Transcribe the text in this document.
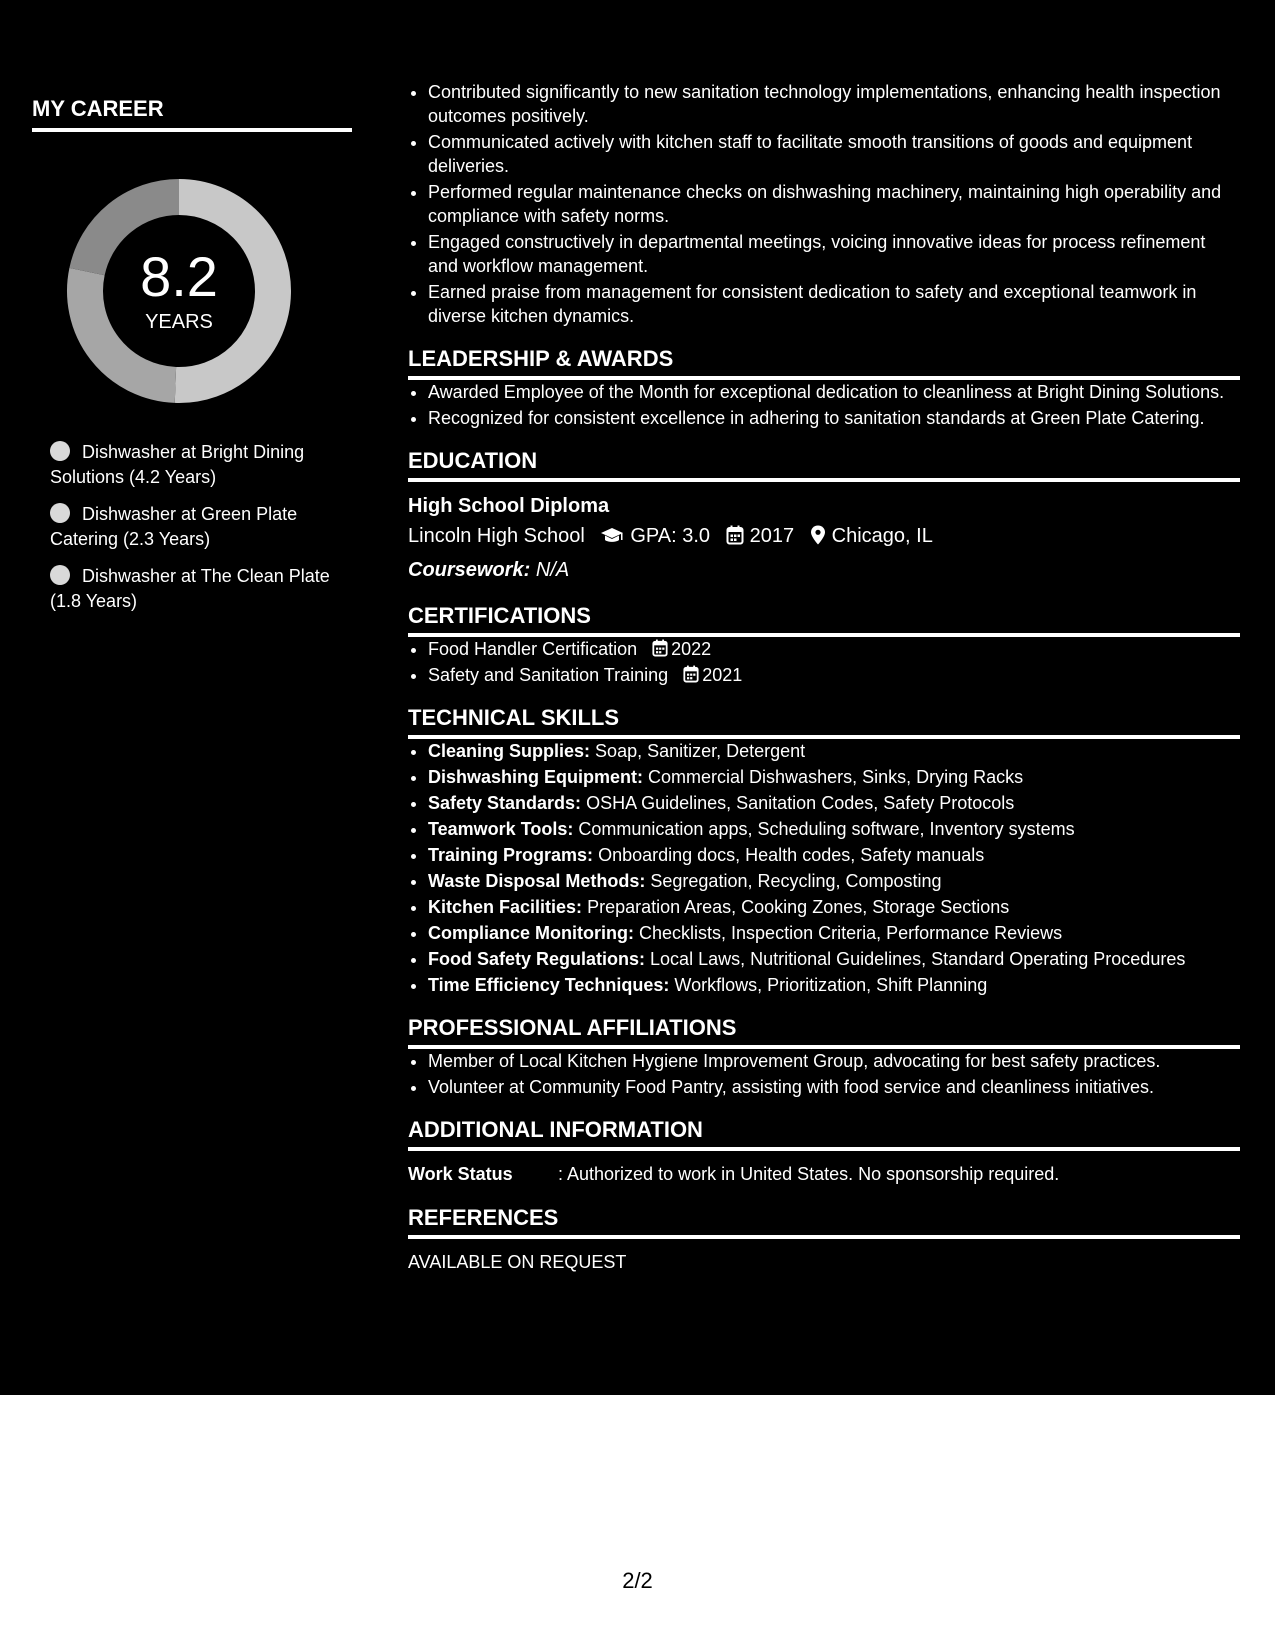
MY CAREER
8.2
YEARS
Dishwasher at Bright Dining Solutions (4.2 Years)
Dishwasher at Green Plate Catering (2.3 Years)
Dishwasher at The Clean Plate (1.8 Years)
• Contributed significantly to new sanitation technology implementations, enhancing health inspection outcomes positively.
• Communicated actively with kitchen staff to facilitate smooth transitions of goods and equipment deliveries.
• Performed regular maintenance checks on dishwashing machinery, maintaining high operability and compliance with safety norms.
• Engaged constructively in departmental meetings, voicing innovative ideas for process refinement and workflow management.
• Earned praise from management for consistent dedication to safety and exceptional teamwork in diverse kitchen dynamics.
LEADERSHIP & AWARDS
• Awarded Employee of the Month for exceptional dedication to cleanliness at Bright Dining Solutions.
• Recognized for consistent excellence in adhering to sanitation standards at Green Plate Catering.
EDUCATION
High School Diploma
Lincoln High School GPA: 3.0 2017 Chicago, IL
Coursework: N/A
CERTIFICATIONS
• Food Handler Certification 2022
• Safety and Sanitation Training 2021
TECHNICAL SKILLS
• Cleaning Supplies: Soap, Sanitizer, Detergent
• Dishwashing Equipment: Commercial Dishwashers, Sinks, Drying Racks
• Safety Standards: OSHA Guidelines, Sanitation Codes, Safety Protocols
• Teamwork Tools: Communication apps, Scheduling software, Inventory systems
• Training Programs: Onboarding docs, Health codes, Safety manuals
• Waste Disposal Methods: Segregation, Recycling, Composting
• Kitchen Facilities: Preparation Areas, Cooking Zones, Storage Sections
• Compliance Monitoring: Checklists, Inspection Criteria, Performance Reviews
• Food Safety Regulations: Local Laws, Nutritional Guidelines, Standard Operating Procedures
• Time Efficiency Techniques: Workflows, Prioritization, Shift Planning
PROFESSIONAL AFFILIATIONS
• Member of Local Kitchen Hygiene Improvement Group, advocating for best safety practices.
• Volunteer at Community Food Pantry, assisting with food service and cleanliness initiatives.
ADDITIONAL INFORMATION
Work Status	: Authorized to work in United States. No sponsorship required.
REFERENCES
AVAILABLE ON REQUEST
2/2
